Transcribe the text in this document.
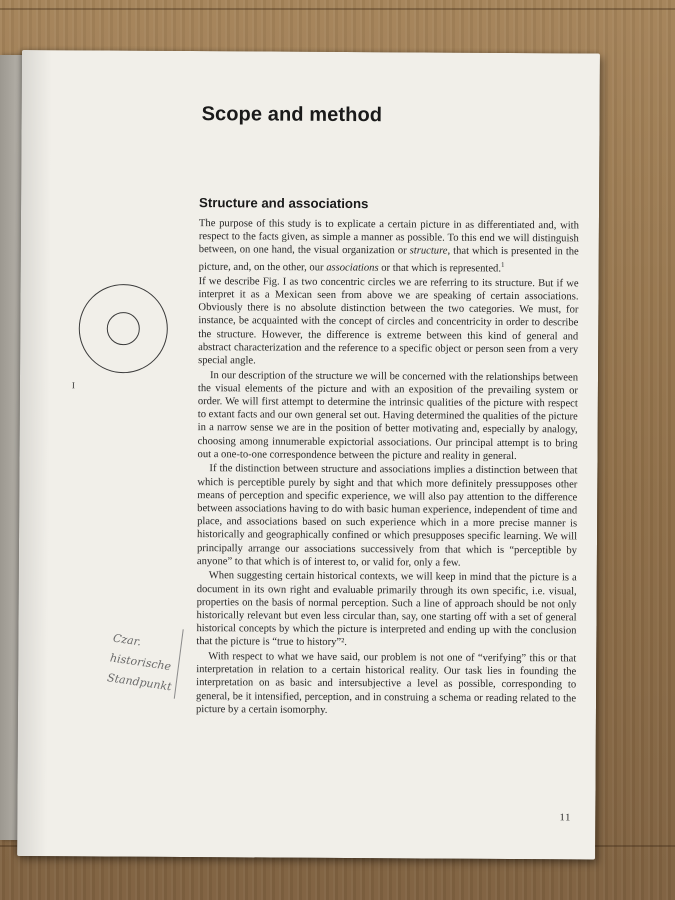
Scope and method
Structure and associations
I
Czar.
historische
Standpunkt

The purpose of this study is to explicate a certain picture in as differentiated and, with respect to the facts given, as simple a manner as possible. To this end we will distinguish between, on one hand, the visual organization or structure, that which is presented in the picture, and, on the other, our associations or that which is represented.$^1$

If we describe Fig. I as two concentric circles we are referring to its structure. But if we interpret it as a Mexican seen from above we are speaking of certain associations. Obviously there is no absolute distinction between the two categories. We must, for instance, be acquainted with the concept of circles and concentricity in order to describe the structure. However, the difference is extreme between this kind of general and abstract characterization and the reference to a specific object or person seen from a very special angle.

In our description of the structure we will be concerned with the relationships between the visual elements of the picture and with an exposition of the prevailing system or order. We will first attempt to determine the intrinsic qualities of the picture with respect to extant facts and our own general set out. Having determined the qualities of the picture in a narrow sense we are in the position of better motivating and, especially by analogy, choosing among innumerable expictorial associations. Our principal attempt is to bring out a one-to-one correspondence between the picture and reality in general.

If the distinction between structure and associations implies a distinction between that which is perceptible purely by sight and that which more definitely pressupposes other means of perception and specific experience, we will also pay attention to the difference between associations having to do with basic human experience, independent of time and place, and associations based on such experience which in a more precise manner is historically and geographically confined or which presupposes specific learning. We will principally arrange our associations successively from that which is “perceptible by anyone” to that which is of interest to, or valid for, only a few.

When suggesting certain historical contexts, we will keep in mind that the picture is a document in its own right and evaluable primarily through its own specific, i.e. visual, properties on the basis of normal perception. Such a line of approach should be not only historically relevant but even less circular than, say, one starting off with a set of general historical concepts by which the picture is interpreted and ending up with the conclusion that the picture is “true to history”².

With respect to what we have said, our problem is not one of “verifying” this or that interpretation in relation to a certain historical reality. Our task lies in founding the interpretation on as basic and intersubjective a level as possible, corresponding to general, be it intensified, perception, and in construing a schema or reading related to the picture by a certain isomorphy.

11
